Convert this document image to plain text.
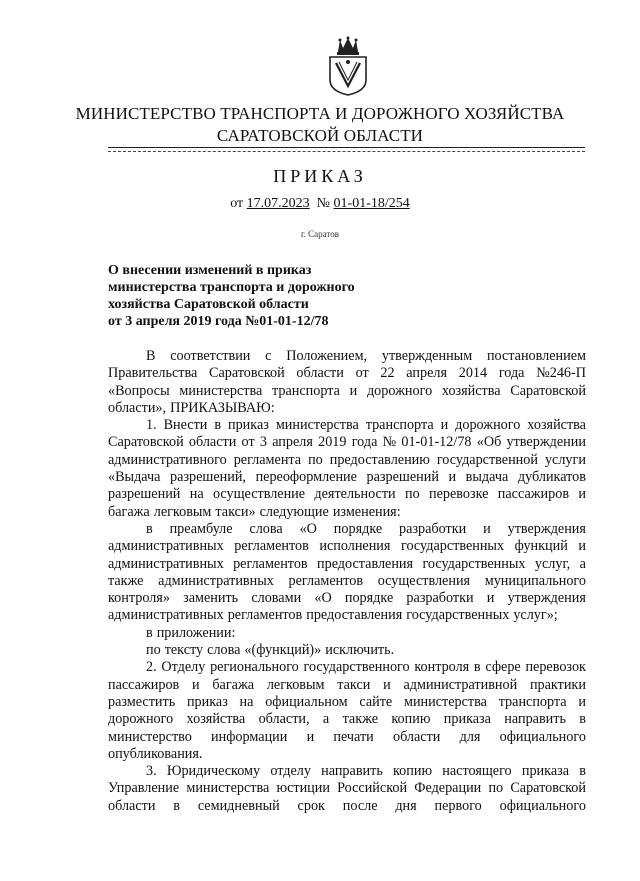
МИНИСТЕРСТВО ТРАНСПОРТА И ДОРОЖНОГО ХОЗЯЙСТВА
САРАТОВСКОЙ ОБЛАСТИ
ПРИКАЗ
от 17.07.2023 № 01-01-18/254
г. Саратов
О внесении изменений в приказ
министерства транспорта и дорожного
хозяйства Саратовской области
от 3 апреля 2019 года №01-01-12/78
В соответствии с Положением, утвержденным постановлением
Правительства Саратовской области от 22 апреля 2014 года №246-П
«Вопросы министерства транспорта и дорожного хозяйства Саратовской
области», ПРИКАЗЫВАЮ:
1. Внести в приказ министерства транспорта и дорожного хозяйства
Саратовской области от 3 апреля 2019 года № 01-01-12/78 «Об утверждении
административного регламента по предоставлению государственной услуги
«Выдача разрешений, переоформление разрешений и выдача дубликатов
разрешений на осуществление деятельности по перевозке пассажиров и
багажа легковым такси» следующие изменения:
в преамбуле слова «О порядке разработки и утверждения
административных регламентов исполнения государственных функций и
административных регламентов предоставления государственных услуг, а
также административных регламентов осуществления муниципального
контроля» заменить словами «О порядке разработки и утверждения
административных регламентов предоставления государственных услуг»;
в приложении:
по тексту слова «(функций)» исключить.
2. Отделу регионального государственного контроля в сфере перевозок
пассажиров и багажа легковым такси и административной практики
разместить приказ на официальном сайте министерства транспорта и
дорожного хозяйства области, а также копию приказа направить в
министерство информации и печати области для официального
опубликования.
3. Юридическому отделу направить копию настоящего приказа в
Управление министерства юстиции Российской Федерации по Саратовской
области в семидневный срок после дня первого официального
